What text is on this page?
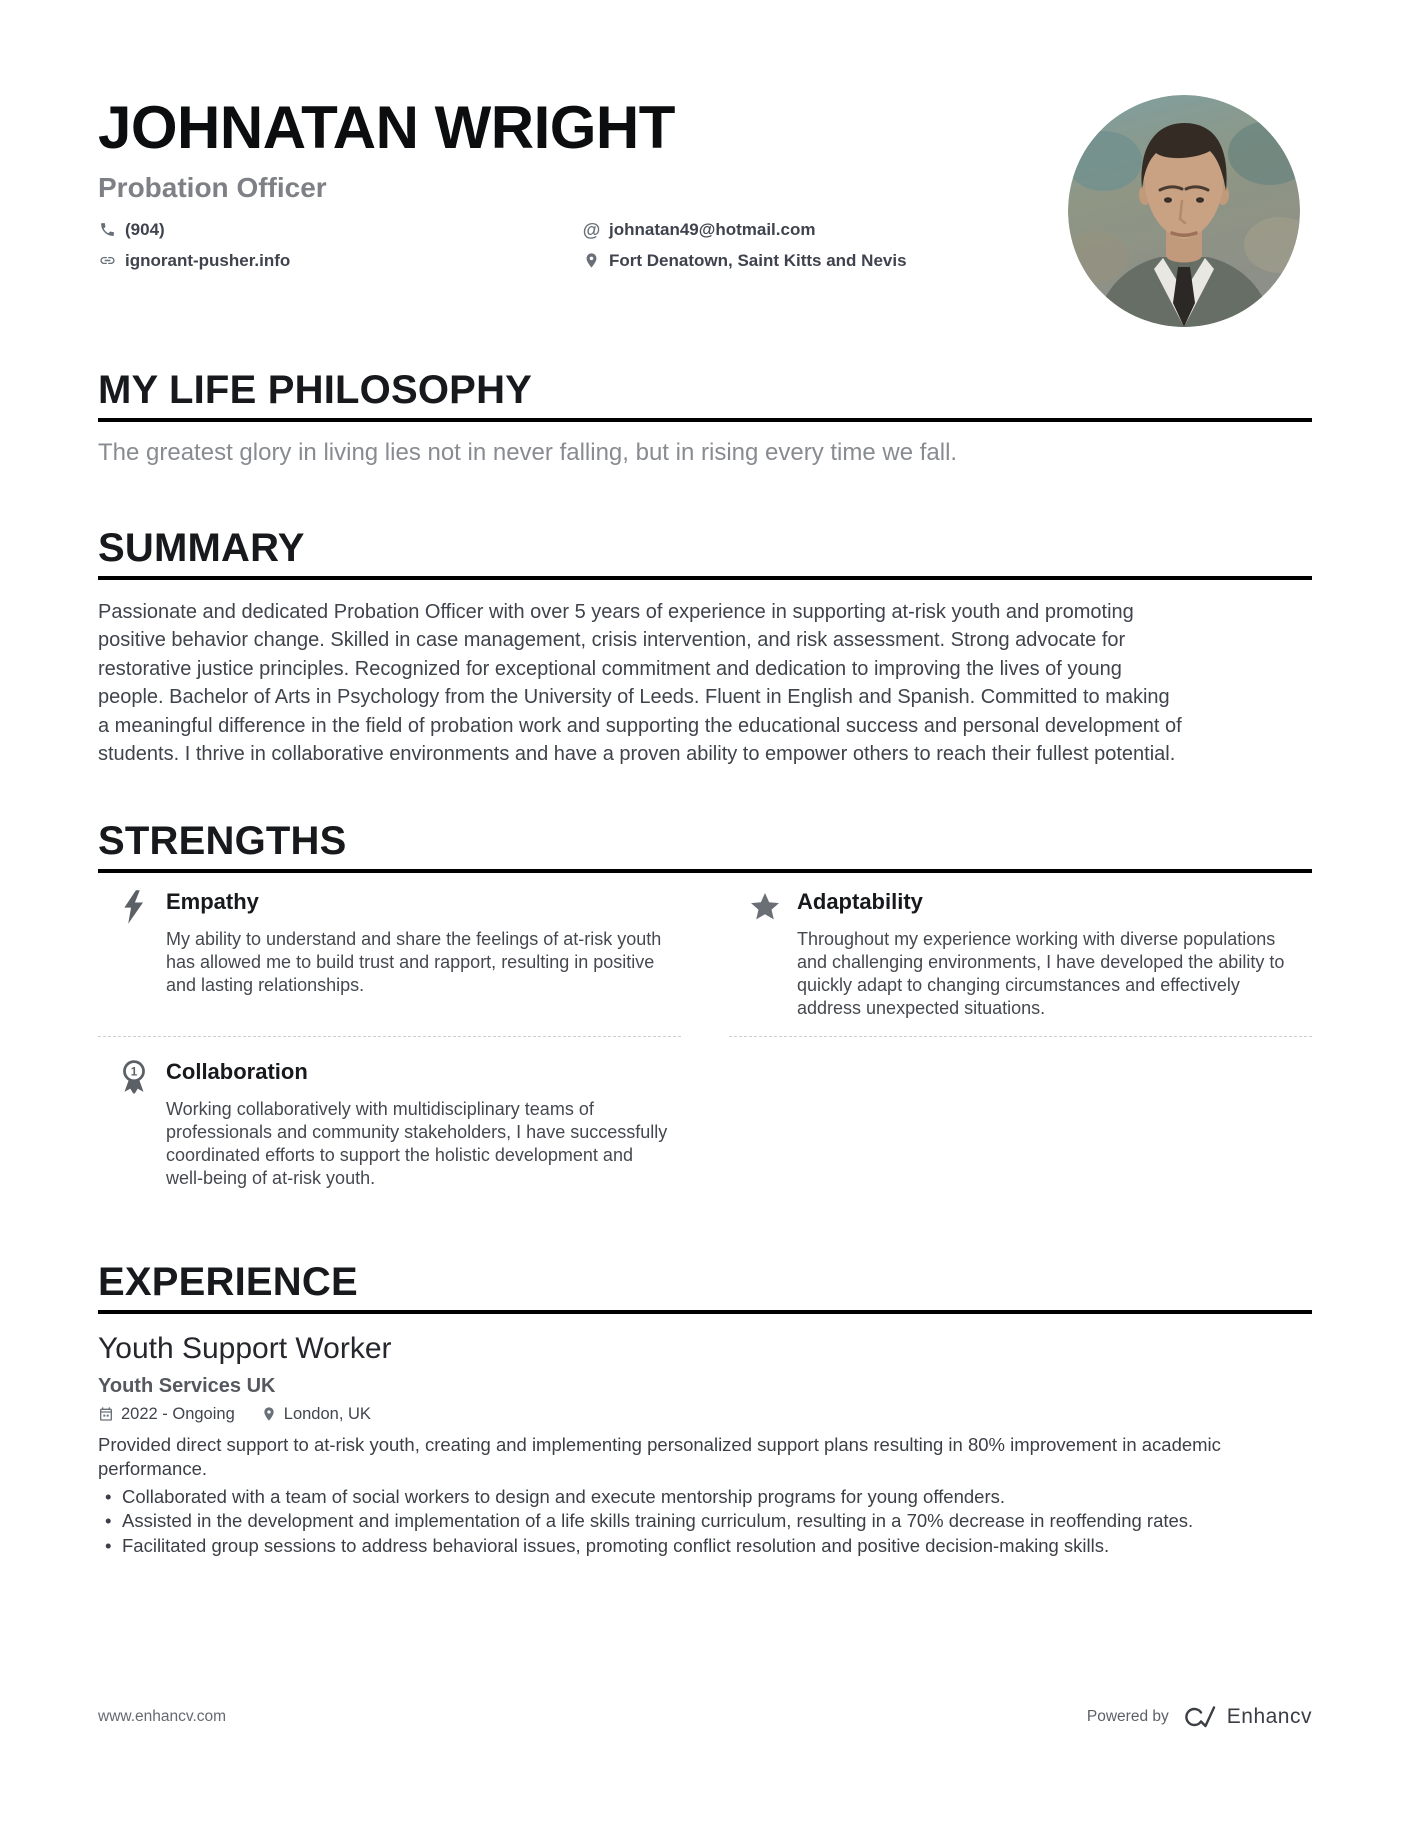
JOHNATAN WRIGHT
Probation Officer
(904)	@ johnatan49@hotmail.com
ignorant-pusher.info	Fort Denatown, Saint Kitts and Nevis
MY LIFE PHILOSOPHY
The greatest glory in living lies not in never falling, but in rising every time we fall.
SUMMARY
Passionate and dedicated Probation Officer with over 5 years of experience in supporting at-risk youth and promoting positive behavior change. Skilled in case management, crisis intervention, and risk assessment. Strong advocate for restorative justice principles. Recognized for exceptional commitment and dedication to improving the lives of young people. Bachelor of Arts in Psychology from the University of Leeds. Fluent in English and Spanish. Committed to making a meaningful difference in the field of probation work and supporting the educational success and personal development of students. I thrive in collaborative environments and have a proven ability to empower others to reach their fullest potential.
STRENGTHS
Empathy
My ability to understand and share the feelings of at-risk youth has allowed me to build trust and rapport, resulting in positive and lasting relationships.
Adaptability
Throughout my experience working with diverse populations and challenging environments, I have developed the ability to quickly adapt to changing circumstances and effectively address unexpected situations.
1 Collaboration
Working collaboratively with multidisciplinary teams of professionals and community stakeholders, I have successfully coordinated efforts to support the holistic development and well-being of at-risk youth.
EXPERIENCE
Youth Support Worker
Youth Services UK
2022 - Ongoing	London, UK
Provided direct support to at-risk youth, creating and implementing personalized support plans resulting in 80% improvement in academic performance.
• Collaborated with a team of social workers to design and execute mentorship programs for young offenders.
• Assisted in the development and implementation of a life skills training curriculum, resulting in a 70% decrease in reoffending rates.
• Facilitated group sessions to address behavioral issues, promoting conflict resolution and positive decision-making skills.
www.enhancv.com	Powered by	Enhancv
